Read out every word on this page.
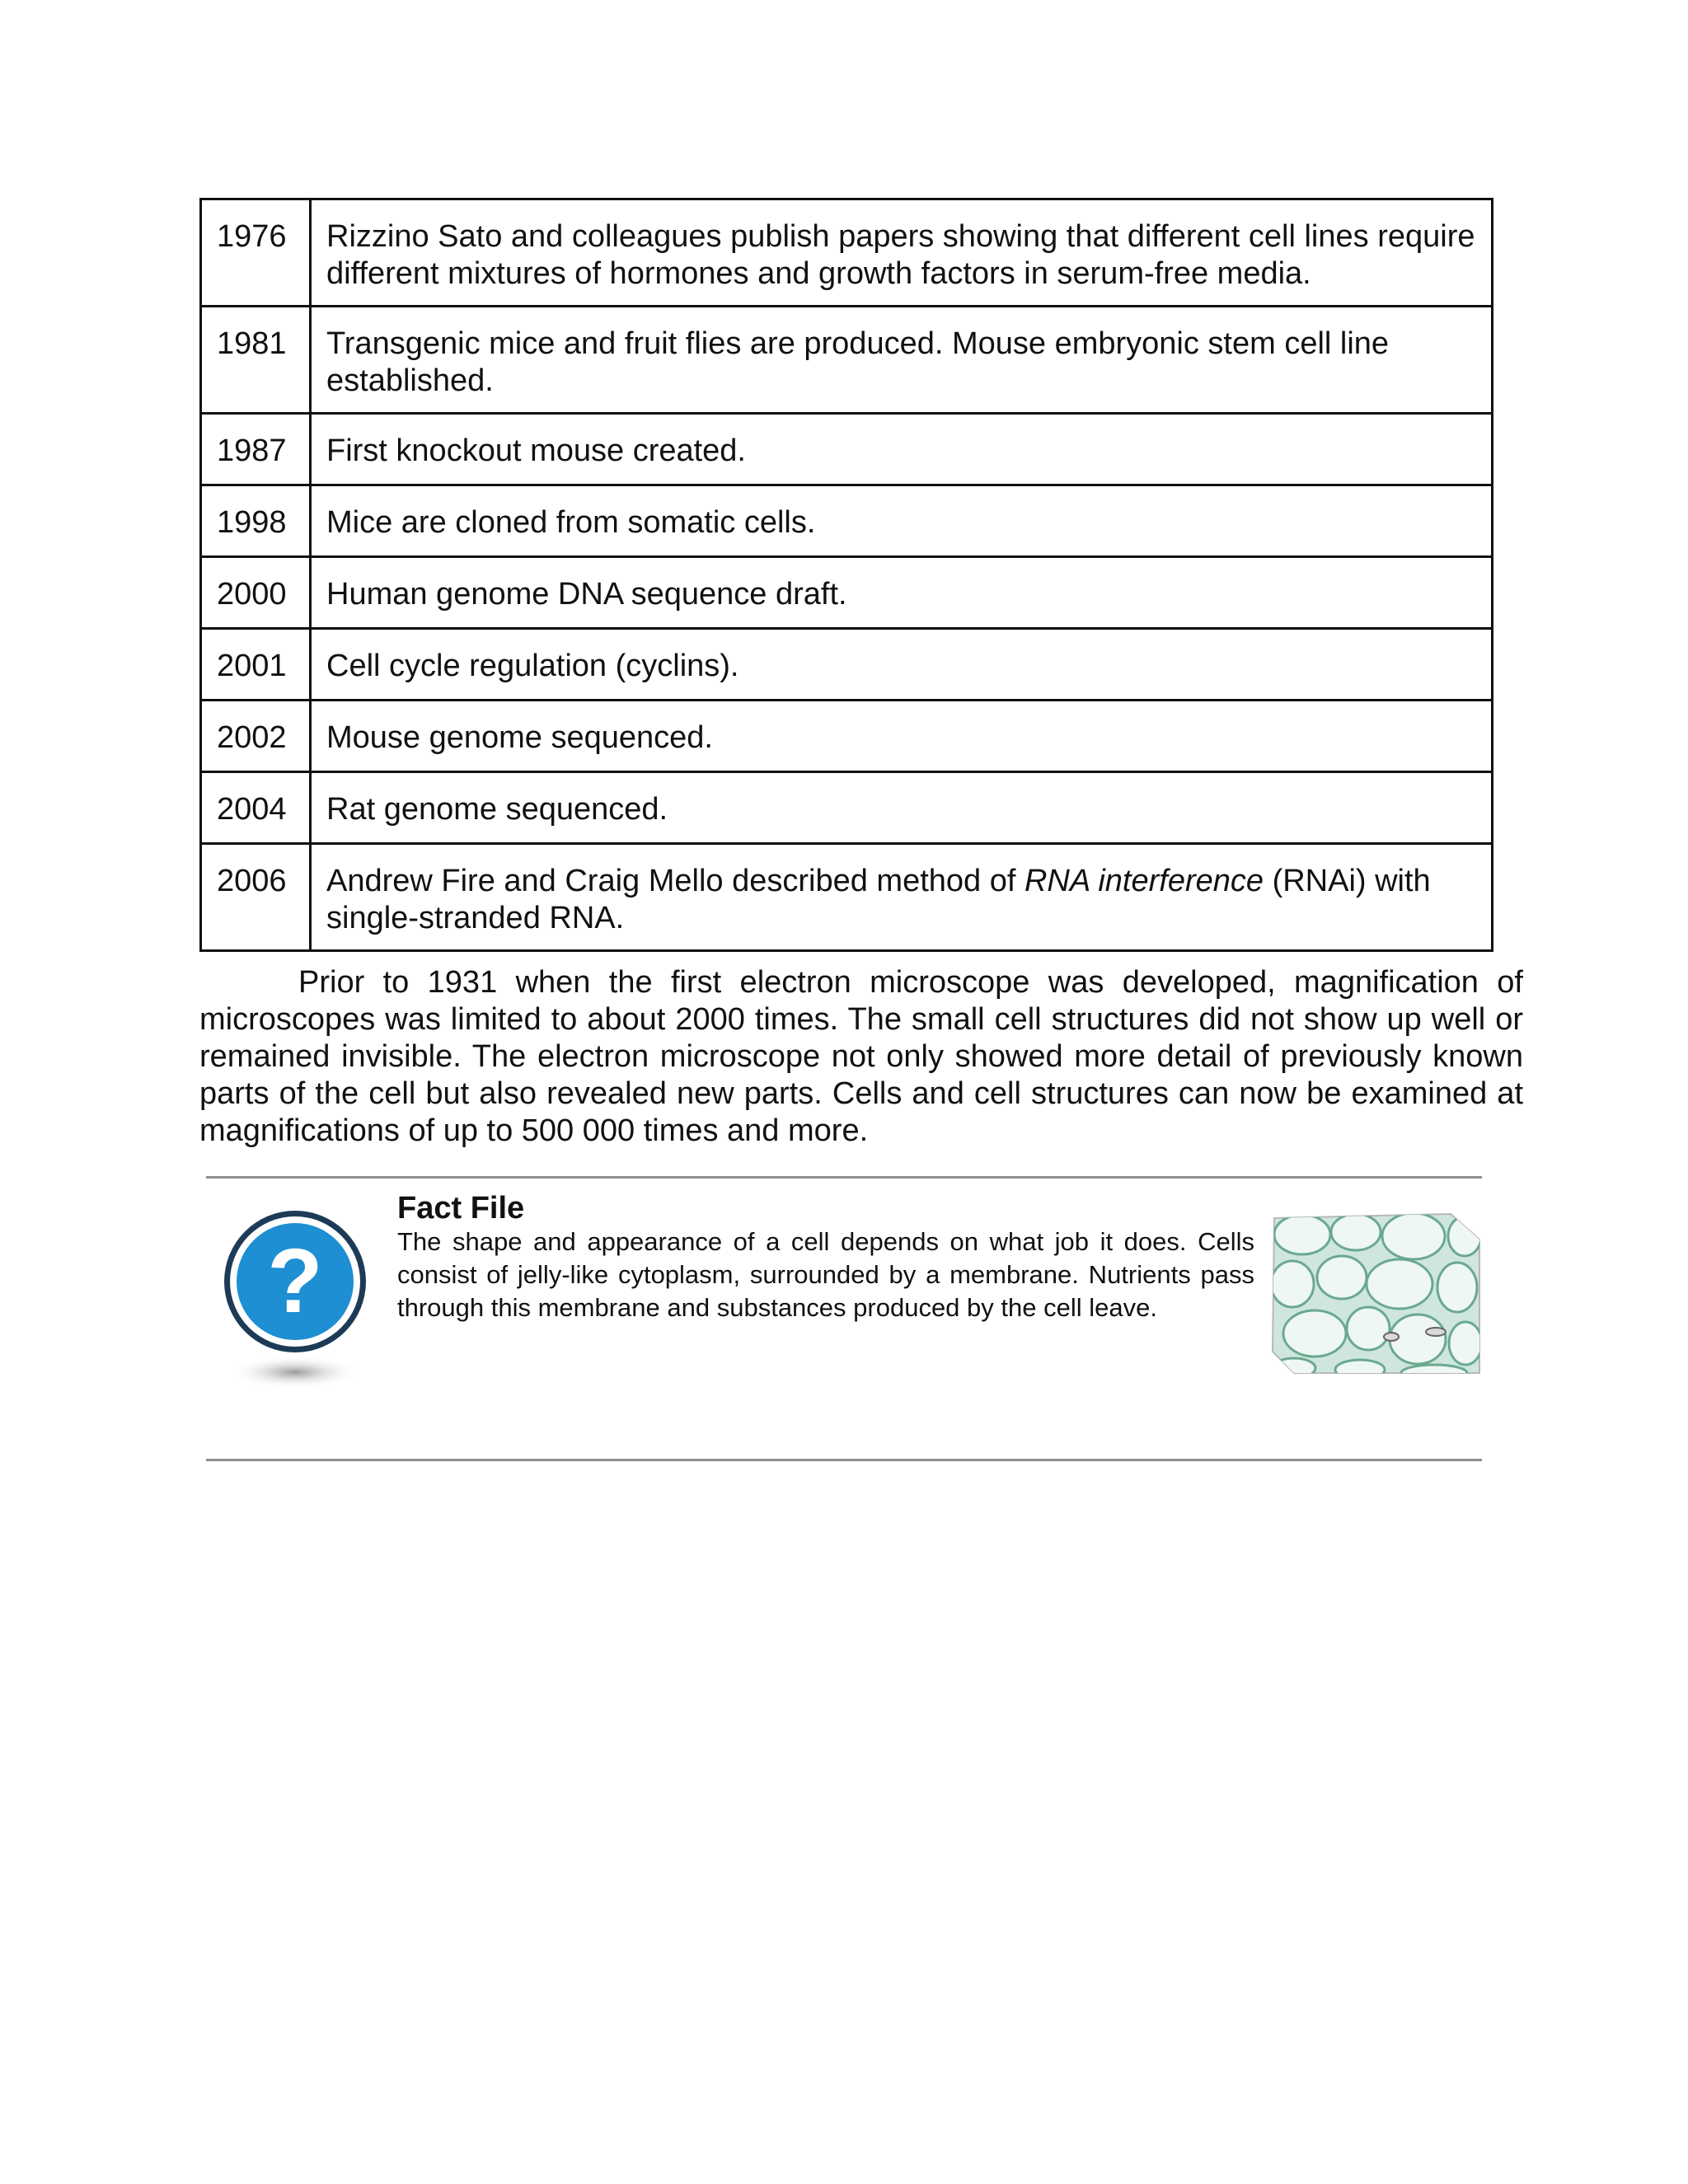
1976	Rizzino Sato and colleagues publish papers showing that different cell lines require different mixtures of hormones and growth factors in serum-free media.
1981	Transgenic mice and fruit flies are produced. Mouse embryonic stem cell line established.
1987	First knockout mouse created.
1998	Mice are cloned from somatic cells.
2000	Human genome DNA sequence draft.
2001	Cell cycle regulation (cyclins).
2002	Mouse genome sequenced.
2004	Rat genome sequenced.
2006	Andrew Fire and Craig Mello described method of RNA interference (RNAi) with single-stranded RNA.

Prior to 1931 when the first electron microscope was developed, magnification of microscopes was limited to about 2000 times. The small cell structures did not show up well or remained invisible. The electron microscope not only showed more detail of previously known parts of the cell but also revealed new parts. Cells and cell structures can now be examined at magnifications of up to 500 000 times and more.

?
Fact File

The shape and appearance of a cell depends on what job it does. Cells consist of jelly-like cytoplasm, surrounded by a membrane. Nutrients pass through this membrane and substances produced by the cell leave.
